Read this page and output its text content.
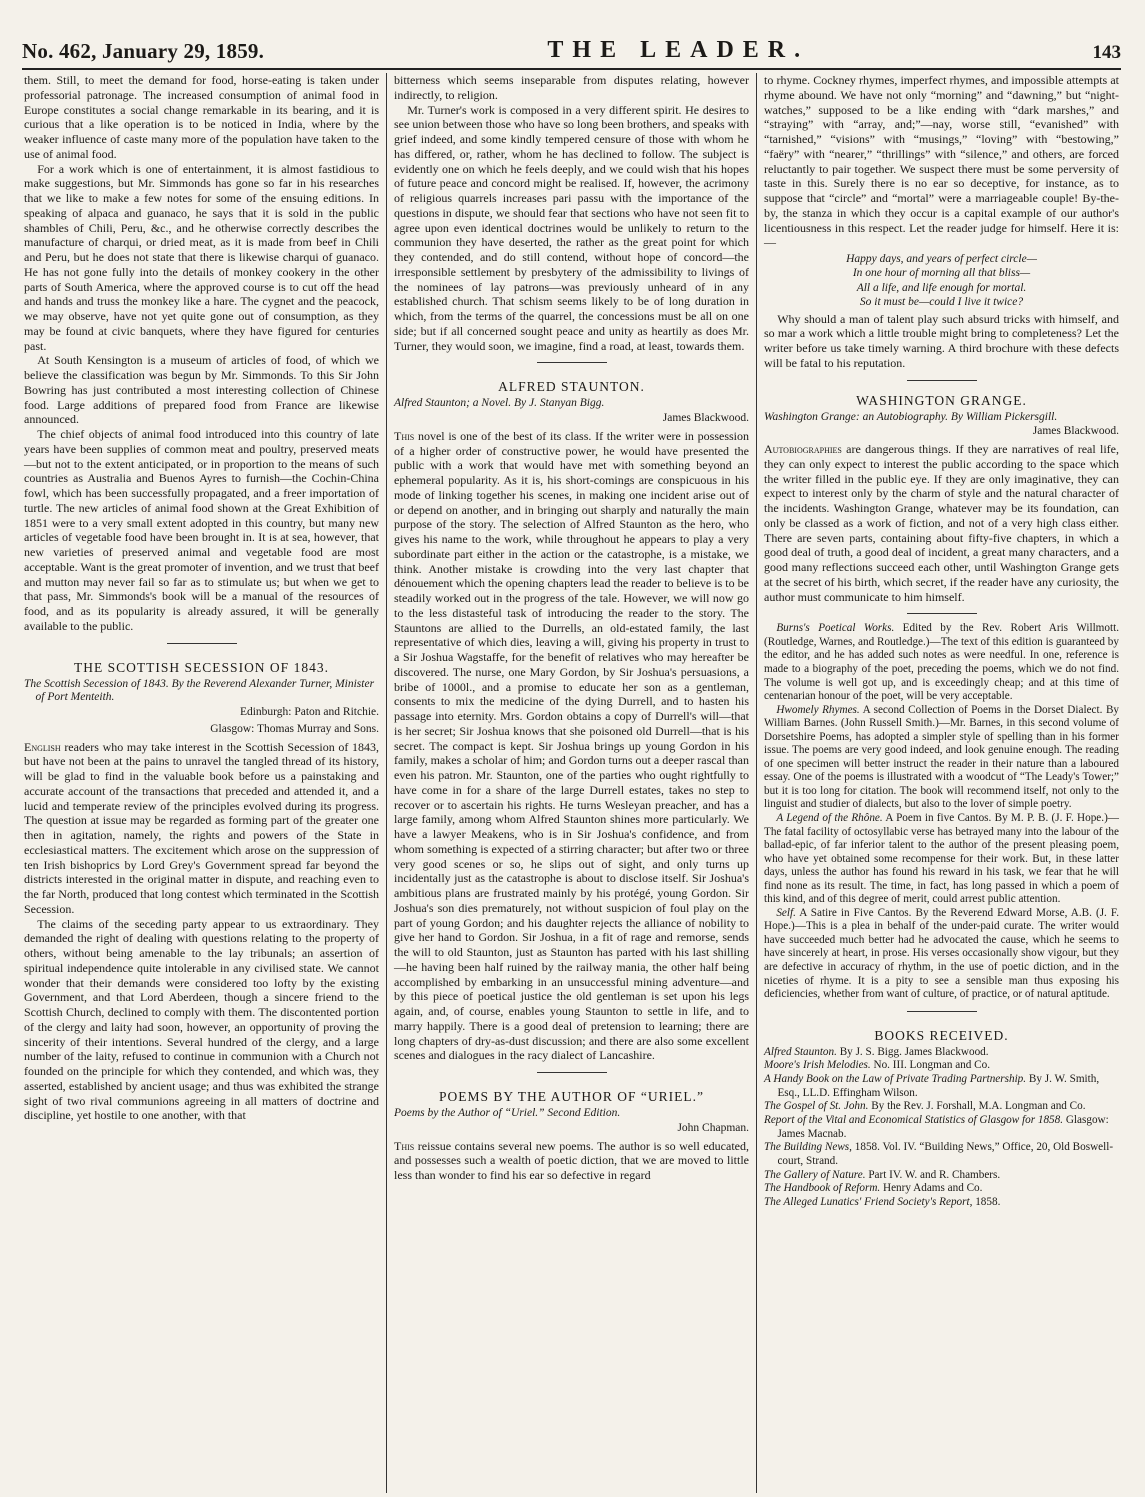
No. 462, January 29, 1859.	THE LEADER.	143

them. Still, to meet the demand for food, horse-eating is taken under professorial patronage. The increased consumption of animal food in Europe constitutes a social change remarkable in its bearing, and it is curious that a like operation is to be noticed in India, where by the weaker influence of caste many more of the population have taken to the use of animal food.

For a work which is one of entertainment, it is almost fastidious to make suggestions, but Mr. Simmonds has gone so far in his researches that we like to make a few notes for some of the ensuing editions. In speaking of alpaca and guanaco, he says that it is sold in the public shambles of Chili, Peru, &c., and he otherwise correctly describes the manufacture of charqui, or dried meat, as it is made from beef in Chili and Peru, but he does not state that there is likewise charqui of guanaco. He has not gone fully into the details of monkey cookery in the other parts of South America, where the approved course is to cut off the head and hands and truss the monkey like a hare. The cygnet and the peacock, we may observe, have not yet quite gone out of consumption, as they may be found at civic banquets, where they have figured for centuries past.

At South Kensington is a museum of articles of food, of which we believe the classification was begun by Mr. Simmonds. To this Sir John Bowring has just contributed a most interesting collection of Chinese food. Large additions of prepared food from France are likewise announced.

The chief objects of animal food introduced into this country of late years have been supplies of common meat and poultry, preserved meats—but not to the extent anticipated, or in proportion to the means of such countries as Australia and Buenos Ayres to furnish—the Cochin-China fowl, which has been successfully propagated, and a freer importation of turtle. The new articles of animal food shown at the Great Exhibition of 1851 were to a very small extent adopted in this country, but many new articles of vegetable food have been brought in. It is at sea, however, that new varieties of preserved animal and vegetable food are most acceptable. Want is the great promoter of invention, and we trust that beef and mutton may never fail so far as to stimulate us; but when we get to that pass, Mr. Simmonds's book will be a manual of the resources of food, and as its popularity is already assured, it will be generally available to the public.

THE SCOTTISH SECESSION OF 1843.
The Scottish Secession of 1843. By the Reverend Alexander Turner, Minister of Port Menteith.
Edinburgh: Paton and Ritchie.
Glasgow: Thomas Murray and Sons.

English readers who may take interest in the Scottish Secession of 1843, but have not been at the pains to unravel the tangled thread of its history, will be glad to find in the valuable book before us a painstaking and accurate account of the transactions that preceded and attended it, and a lucid and temperate review of the principles evolved during its progress. The question at issue may be regarded as forming part of the greater one then in agitation, namely, the rights and powers of the State in ecclesiastical matters. The excitement which arose on the suppression of ten Irish bishoprics by Lord Grey's Government spread far beyond the districts interested in the original matter in dispute, and reaching even to the far North, produced that long contest which terminated in the Scottish Secession.

The claims of the seceding party appear to us extraordinary. They demanded the right of dealing with questions relating to the property of others, without being amenable to the lay tribunals; an assertion of spiritual independence quite intolerable in any civilised state. We cannot wonder that their demands were considered too lofty by the existing Government, and that Lord Aberdeen, though a sincere friend to the Scottish Church, declined to comply with them. The discontented portion of the clergy and laity had soon, however, an opportunity of proving the sincerity of their intentions. Several hundred of the clergy, and a large number of the laity, refused to continue in communion with a Church not founded on the principle for which they contended, and which was, they asserted, established by ancient usage; and thus was exhibited the strange sight of two rival communions agreeing in all matters of doctrine and discipline, yet hostile to one another, with that

bitterness which seems inseparable from disputes relating, however indirectly, to religion.

Mr. Turner's work is composed in a very different spirit. He desires to see union between those who have so long been brothers, and speaks with grief indeed, and some kindly tempered censure of those with whom he has differed, or, rather, whom he has declined to follow. The subject is evidently one on which he feels deeply, and we could wish that his hopes of future peace and concord might be realised. If, however, the acrimony of religious quarrels increases pari passu with the importance of the questions in dispute, we should fear that sections who have not seen fit to agree upon even identical doctrines would be unlikely to return to the communion they have deserted, the rather as the great point for which they contended, and do still contend, without hope of concord—the irresponsible settlement by presbytery of the admissibility to livings of the nominees of lay patrons—was previously unheard of in any established church. That schism seems likely to be of long duration in which, from the terms of the quarrel, the concessions must be all on one side; but if all concerned sought peace and unity as heartily as does Mr. Turner, they would soon, we imagine, find a road, at least, towards them.

ALFRED STAUNTON.
Alfred Staunton; a Novel. By J. Stanyan Bigg.
James Blackwood.

This novel is one of the best of its class. If the writer were in possession of a higher order of constructive power, he would have presented the public with a work that would have met with something beyond an ephemeral popularity. As it is, his short-comings are conspicuous in his mode of linking together his scenes, in making one incident arise out of or depend on another, and in bringing out sharply and naturally the main purpose of the story. The selection of Alfred Staunton as the hero, who gives his name to the work, while throughout he appears to play a very subordinate part either in the action or the catastrophe, is a mistake, we think. Another mistake is crowding into the very last chapter that dénouement which the opening chapters lead the reader to believe is to be steadily worked out in the progress of the tale. However, we will now go to the less distasteful task of introducing the reader to the story. The Stauntons are allied to the Durrells, an old-estated family, the last representative of which dies, leaving a will, giving his property in trust to a Sir Joshua Wagstaffe, for the benefit of relatives who may hereafter be discovered. The nurse, one Mary Gordon, by Sir Joshua's persuasions, a bribe of 1000l., and a promise to educate her son as a gentleman, consents to mix the medicine of the dying Durrell, and to hasten his passage into eternity. Mrs. Gordon obtains a copy of Durrell's will—that is her secret; Sir Joshua knows that she poisoned old Durrell—that is his secret. The compact is kept. Sir Joshua brings up young Gordon in his family, makes a scholar of him; and Gordon turns out a deeper rascal than even his patron. Mr. Staunton, one of the parties who ought rightfully to have come in for a share of the large Durrell estates, takes no step to recover or to ascertain his rights. He turns Wesleyan preacher, and has a large family, among whom Alfred Staunton shines more particularly. We have a lawyer Meakens, who is in Sir Joshua's confidence, and from whom something is expected of a stirring character; but after two or three very good scenes or so, he slips out of sight, and only turns up incidentally just as the catastrophe is about to disclose itself. Sir Joshua's ambitious plans are frustrated mainly by his protégé, young Gordon. Sir Joshua's son dies prematurely, not without suspicion of foul play on the part of young Gordon; and his daughter rejects the alliance of nobility to give her hand to Gordon. Sir Joshua, in a fit of rage and remorse, sends the will to old Staunton, just as Staunton has parted with his last shilling—he having been half ruined by the railway mania, the other half being accomplished by embarking in an unsuccessful mining adventure—and by this piece of poetical justice the old gentleman is set upon his legs again, and, of course, enables young Staunton to settle in life, and to marry happily. There is a good deal of pretension to learning; there are long chapters of dry-as-dust discussion; and there are also some excellent scenes and dialogues in the racy dialect of Lancashire.

POEMS BY THE AUTHOR OF “URIEL.”
Poems by the Author of “Uriel.” Second Edition.
John Chapman.

This reissue contains several new poems. The author is so well educated, and possesses such a wealth of poetic diction, that we are moved to little less than wonder to find his ear so defective in regard

to rhyme. Cockney rhymes, imperfect rhymes, and impossible attempts at rhyme abound. We have not only “morning” and “dawning,” but “night-watches,” supposed to be a like ending with “dark marshes,” and “straying” with “array, and;”—nay, worse still, “evanished” with “tarnished,” “visions” with “musings,” “loving” with “bestowing,” “faëry” with “nearer,” “thrillings” with “silence,” and others, are forced reluctantly to pair together. We suspect there must be some perversity of taste in this. Surely there is no ear so deceptive, for instance, as to suppose that “circle” and “mortal” were a marriageable couple! By-the-by, the stanza in which they occur is a capital example of our author's licentiousness in this respect. Let the reader judge for himself. Here it is:—

Happy days, and years of perfect circle—
In one hour of morning all that bliss—
All a life, and life enough for mortal.
So it must be—could I live it twice?

Why should a man of talent play such absurd tricks with himself, and so mar a work which a little trouble might bring to completeness? Let the writer before us take timely warning. A third brochure with these defects will be fatal to his reputation.

WASHINGTON GRANGE.
Washington Grange: an Autobiography. By William Pickersgill.
James Blackwood.

Autobiographies are dangerous things. If they are narratives of real life, they can only expect to interest the public according to the space which the writer filled in the public eye. If they are only imaginative, they can expect to interest only by the charm of style and the natural character of the incidents. Washington Grange, whatever may be its foundation, can only be classed as a work of fiction, and not of a very high class either. There are seven parts, containing about fifty-five chapters, in which a good deal of truth, a good deal of incident, a great many characters, and a good many reflections succeed each other, until Washington Grange gets at the secret of his birth, which secret, if the reader have any curiosity, the author must communicate to him himself.

Burns's Poetical Works. Edited by the Rev. Robert Aris Willmott. (Routledge, Warnes, and Routledge.)—The text of this edition is guaranteed by the editor, and he has added such notes as were needful. In one, reference is made to a biography of the poet, preceding the poems, which we do not find. The volume is well got up, and is exceedingly cheap; and at this time of centenarian honour of the poet, will be very acceptable.

Hwomely Rhymes. A second Collection of Poems in the Dorset Dialect. By William Barnes. (John Russell Smith.)—Mr. Barnes, in this second volume of Dorsetshire Poems, has adopted a simpler style of spelling than in his former issue. The poems are very good indeed, and look genuine enough. The reading of one specimen will better instruct the reader in their nature than a laboured essay. One of the poems is illustrated with a woodcut of “The Leady's Tower;” but it is too long for citation. The book will recommend itself, not only to the linguist and studier of dialects, but also to the lover of simple poetry.

A Legend of the Rhône. A Poem in five Cantos. By M. P. B. (J. F. Hope.)—The fatal facility of octosyllabic verse has betrayed many into the labour of the ballad-epic, of far inferior talent to the author of the present pleasing poem, who have yet obtained some recompense for their work. But, in these latter days, unless the author has found his reward in his task, we fear that he will find none as its result. The time, in fact, has long passed in which a poem of this kind, and of this degree of merit, could arrest public attention.

Self. A Satire in Five Cantos. By the Reverend Edward Morse, A.B. (J. F. Hope.)—This is a plea in behalf of the under-paid curate. The writer would have succeeded much better had he advocated the cause, which he seems to have sincerely at heart, in prose. His verses occasionally show vigour, but they are defective in accuracy of rhythm, in the use of poetic diction, and in the niceties of rhyme. It is a pity to see a sensible man thus exposing his deficiencies, whether from want of culture, of practice, or of natural aptitude.

BOOKS RECEIVED.
Alfred Staunton. By J. S. Bigg. James Blackwood.
Moore's Irish Melodies. No. III. Longman and Co.
A Handy Book on the Law of Private Trading Partnership. By J. W. Smith, Esq., LL.D. Effingham Wilson.
The Gospel of St. John. By the Rev. J. Forshall, M.A. Longman and Co.
Report of the Vital and Economical Statistics of Glasgow for 1858. Glasgow: James Macnab.
The Building News, 1858. Vol. IV. “Building News,” Office, 20, Old Boswell-court, Strand.
The Gallery of Nature. Part IV. W. and R. Chambers.
The Handbook of Reform. Henry Adams and Co.
The Alleged Lunatics' Friend Society's Report, 1858.
